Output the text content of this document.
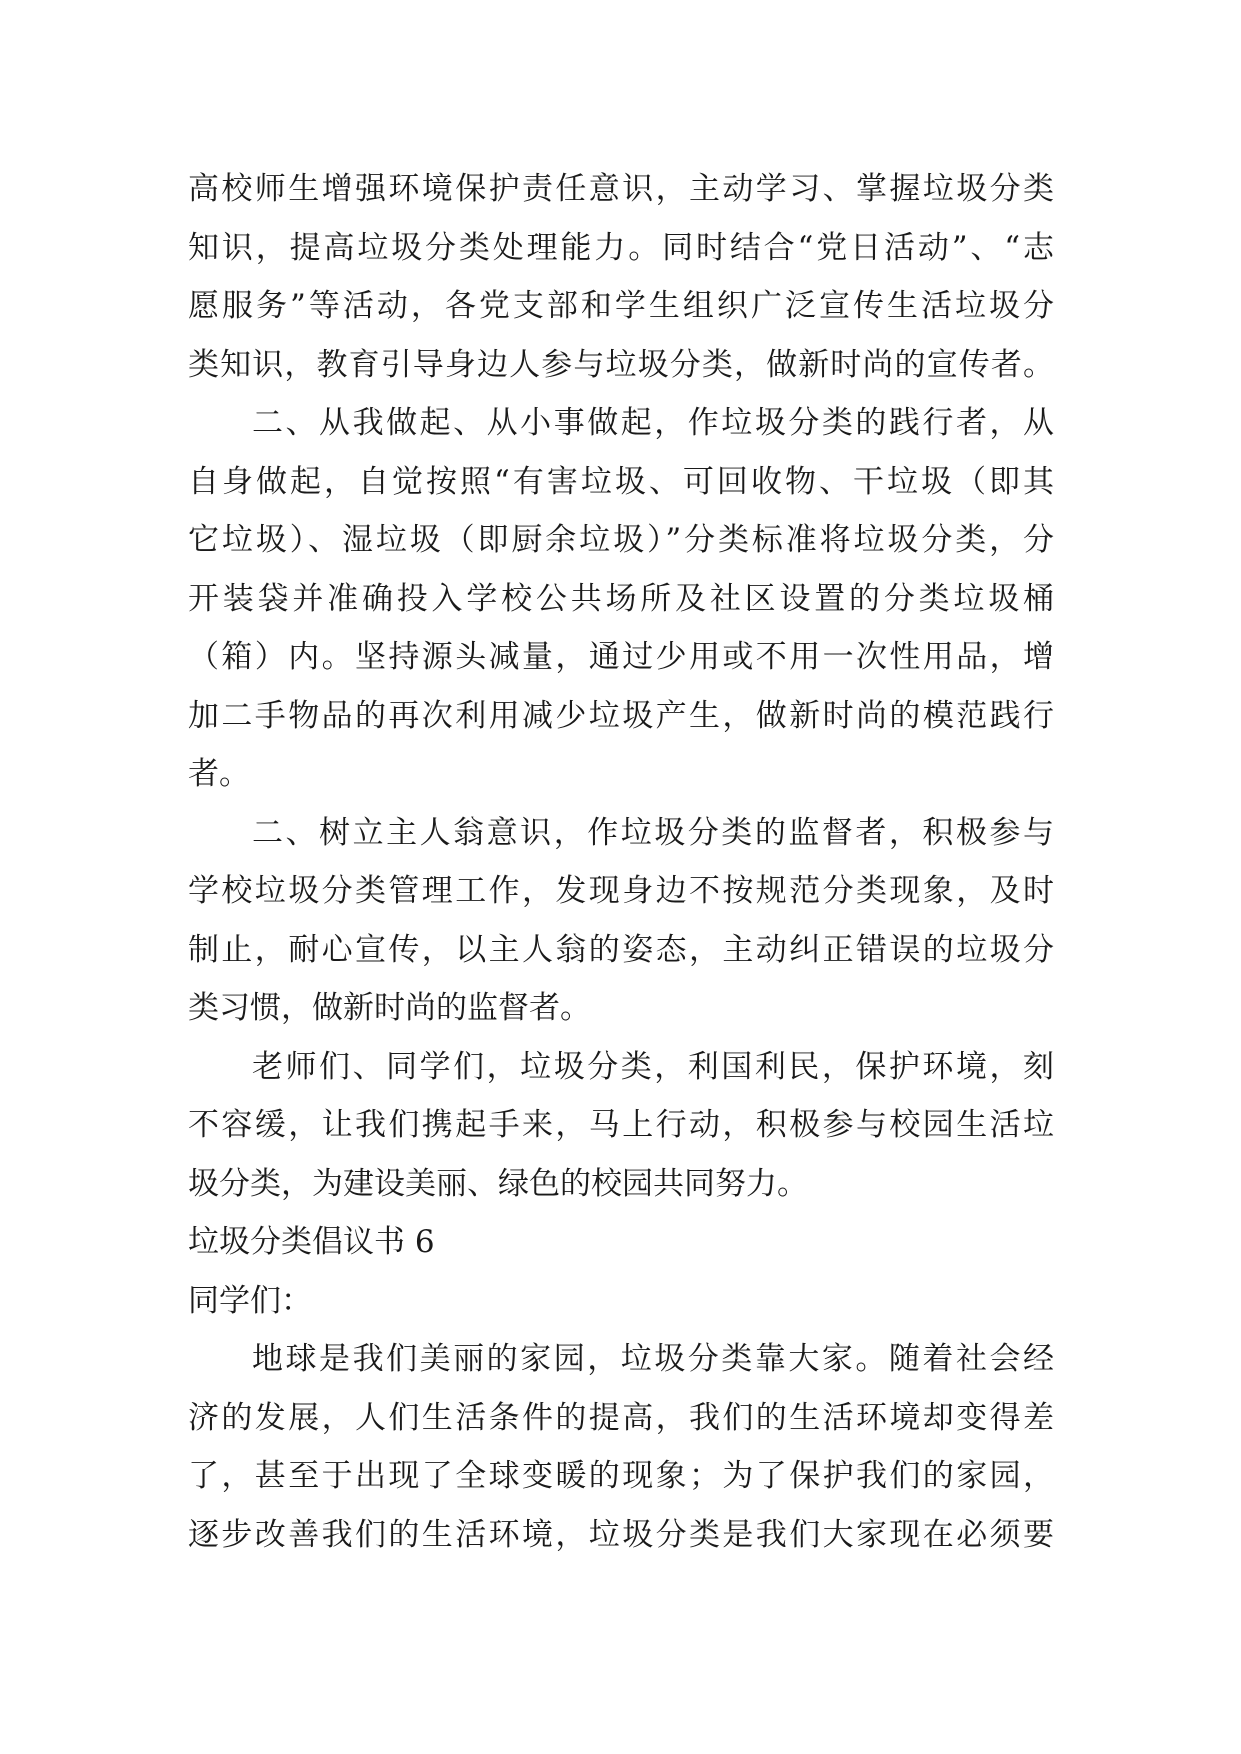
高校师生增强环境保护责任意识，主动学习、掌握垃圾分类
知识，提高垃圾分类处理能力。同时结合“党日活动”、“志
愿服务”等活动，各党支部和学生组织广泛宣传生活垃圾分
类知识，教育引导身边人参与垃圾分类，做新时尚的宣传者。
二、从我做起、从小事做起，作垃圾分类的践行者，从
自身做起，自觉按照“有害垃圾、可回收物、干垃圾（即其
它垃圾）、湿垃圾（即厨余垃圾）”分类标准将垃圾分类，分
开装袋并准确投入学校公共场所及社区设置的分类垃圾桶
（箱）内。坚持源头减量，通过少用或不用一次性用品，增
加二手物品的再次利用减少垃圾产生，做新时尚的模范践行
者。
二、树立主人翁意识，作垃圾分类的监督者，积极参与
学校垃圾分类管理工作，发现身边不按规范分类现象，及时
制止，耐心宣传，以主人翁的姿态，主动纠正错误的垃圾分
类习惯，做新时尚的监督者。
老师们、同学们，垃圾分类，利国利民，保护环境，刻
不容缓，让我们携起手来，马上行动，积极参与校园生活垃
圾分类，为建设美丽、绿色的校园共同努力。
垃圾分类倡议书 6
同学们：
地球是我们美丽的家园，垃圾分类靠大家。随着社会经
济的发展，人们生活条件的提高，我们的生活环境却变得差
了，甚至于出现了全球变暖的现象；为了保护我们的家园，
逐步改善我们的生活环境，垃圾分类是我们大家现在必须要
